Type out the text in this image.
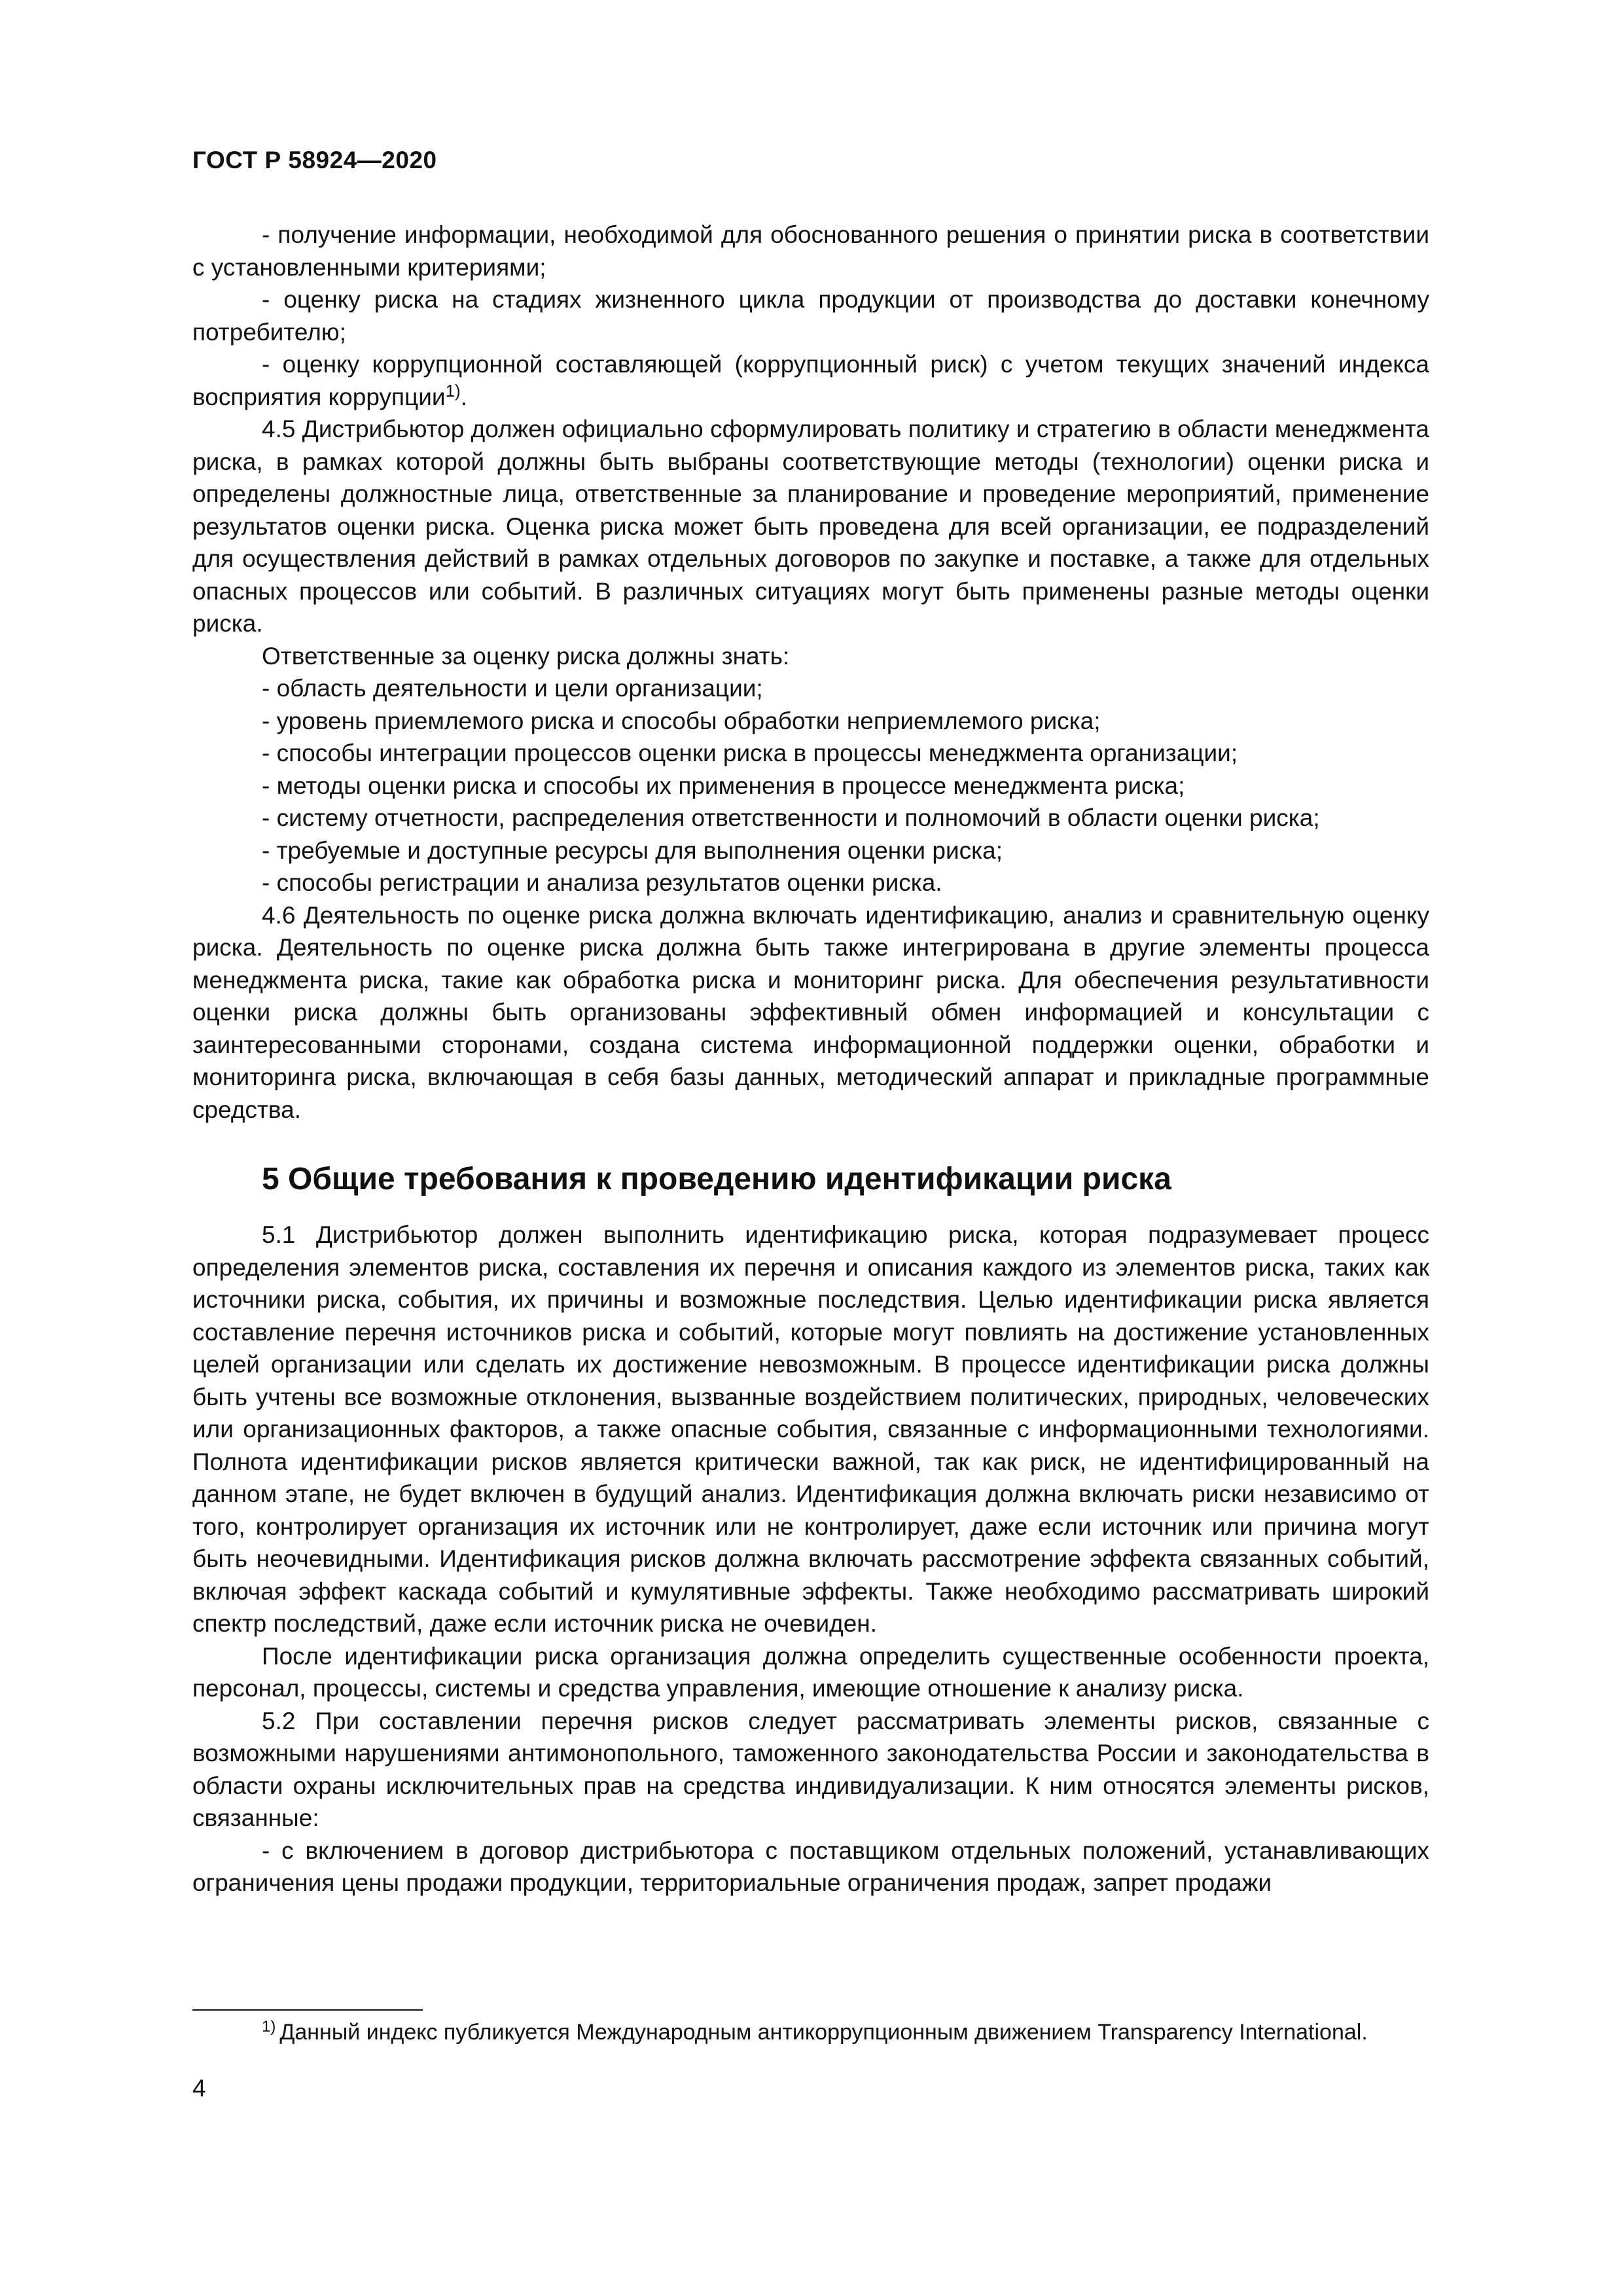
ГОСТ Р 58924—2020

- получение информации, необходимой для обоснованного решения о принятии риска в соответствии с установленными критериями;

- оценку риска на стадиях жизненного цикла продукции от производства до доставки конечному потребителю;

- оценку коррупционной составляющей (коррупционный риск) с учетом текущих значений индекса восприятия коррупции$^{1)}$.

4.5 Дистрибьютор должен официально сформулировать политику и стратегию в области менеджмента риска, в рамках которой должны быть выбраны соответствующие методы (технологии) оценки риска и определены должностные лица, ответственные за планирование и проведение мероприятий, применение результатов оценки риска. Оценка риска может быть проведена для всей организации, ее подразделений для осуществления действий в рамках отдельных договоров по закупке и поставке, а также для отдельных опасных процессов или событий. В различных ситуациях могут быть применены разные методы оценки риска.

Ответственные за оценку риска должны знать:

- область деятельности и цели организации;

- уровень приемлемого риска и способы обработки неприемлемого риска;

- способы интеграции процессов оценки риска в процессы менеджмента организации;

- методы оценки риска и способы их применения в процессе менеджмента риска;

- систему отчетности, распределения ответственности и полномочий в области оценки риска;

- требуемые и доступные ресурсы для выполнения оценки риска;

- способы регистрации и анализа результатов оценки риска.

4.6 Деятельность по оценке риска должна включать идентификацию, анализ и сравнительную оценку риска. Деятельность по оценке риска должна быть также интегрирована в другие элементы процесса менеджмента риска, такие как обработка риска и мониторинг риска. Для обеспечения результативности оценки риска должны быть организованы эффективный обмен информацией и консультации с заинтересованными сторонами, создана система информационной поддержки оценки, обработки и мониторинга риска, включающая в себя базы данных, методический аппарат и прикладные программные средства.

5 Общие требования к проведению идентификации риска

5.1 Дистрибьютор должен выполнить идентификацию риска, которая подразумевает процесс определения элементов риска, составления их перечня и описания каждого из элементов риска, таких как источники риска, события, их причины и возможные последствия. Целью идентификации риска является составление перечня источников риска и событий, которые могут повлиять на достижение установленных целей организации или сделать их достижение невозможным. В процессе идентификации риска должны быть учтены все возможные отклонения, вызванные воздействием политических, природных, человеческих или организационных факторов, а также опасные события, связанные с информационными технологиями. Полнота идентификации рисков является критически важной, так как риск, не идентифицированный на данном этапе, не будет включен в будущий анализ. Идентификация должна включать риски независимо от того, контролирует организация их источник или не контролирует, даже если источник или причина могут быть неочевидными. Идентификация рисков должна включать рассмотрение эффекта связанных событий, включая эффект каскада событий и кумулятивные эффекты. Также необходимо рассматривать широкий спектр последствий, даже если источник риска не очевиден.

После идентификации риска организация должна определить существенные особенности проекта, персонал, процессы, системы и средства управления, имеющие отношение к анализу риска.

5.2 При составлении перечня рисков следует рассматривать элементы рисков, связанные с возможными нарушениями антимонопольного, таможенного законодательства России и законодательства в области охраны исключительных прав на средства индивидуализации. К ним относятся элементы рисков, связанные:

- с включением в договор дистрибьютора с поставщиком отдельных положений, устанавливающих ограничения цены продажи продукции, территориальные ограничения продаж, запрет продажи

$^{1)}$ Данный индекс публикуется Международным антикоррупционным движением Transparency International.
4
